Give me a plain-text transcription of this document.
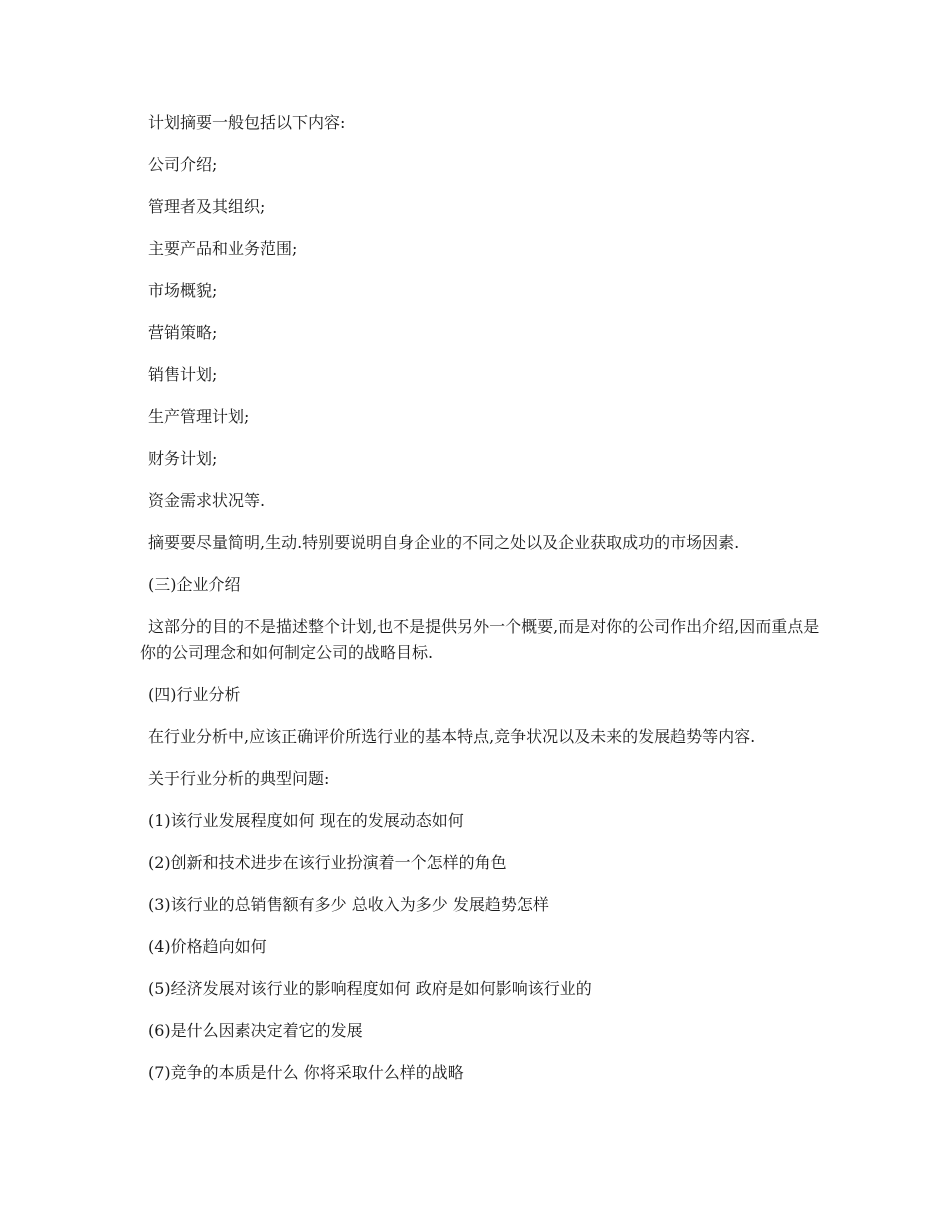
计划摘要一般包括以下内容:

公司介绍;

管理者及其组织;

主要产品和业务范围;

市场概貌;

营销策略;

销售计划;

生产管理计划;

财务计划;

资金需求状况等.

摘要要尽量简明,生动.特别要说明自身企业的不同之处以及企业获取成功的市场因素.

(三)企业介绍

这部分的目的不是描述整个计划,也不是提供另外一个概要,而是对你的公司作出介绍,因而重点是你的公司理念和如何制定公司的战略目标.

(四)行业分析

在行业分析中,应该正确评价所选行业的基本特点,竞争状况以及未来的发展趋势等内容.

关于行业分析的典型问题:

(1)该行业发展程度如何 现在的发展动态如何

(2)创新和技术进步在该行业扮演着一个怎样的角色

(3)该行业的总销售额有多少 总收入为多少 发展趋势怎样

(4)价格趋向如何

(5)经济发展对该行业的影响程度如何 政府是如何影响该行业的

(6)是什么因素决定着它的发展

(7)竞争的本质是什么 你将采取什么样的战略
